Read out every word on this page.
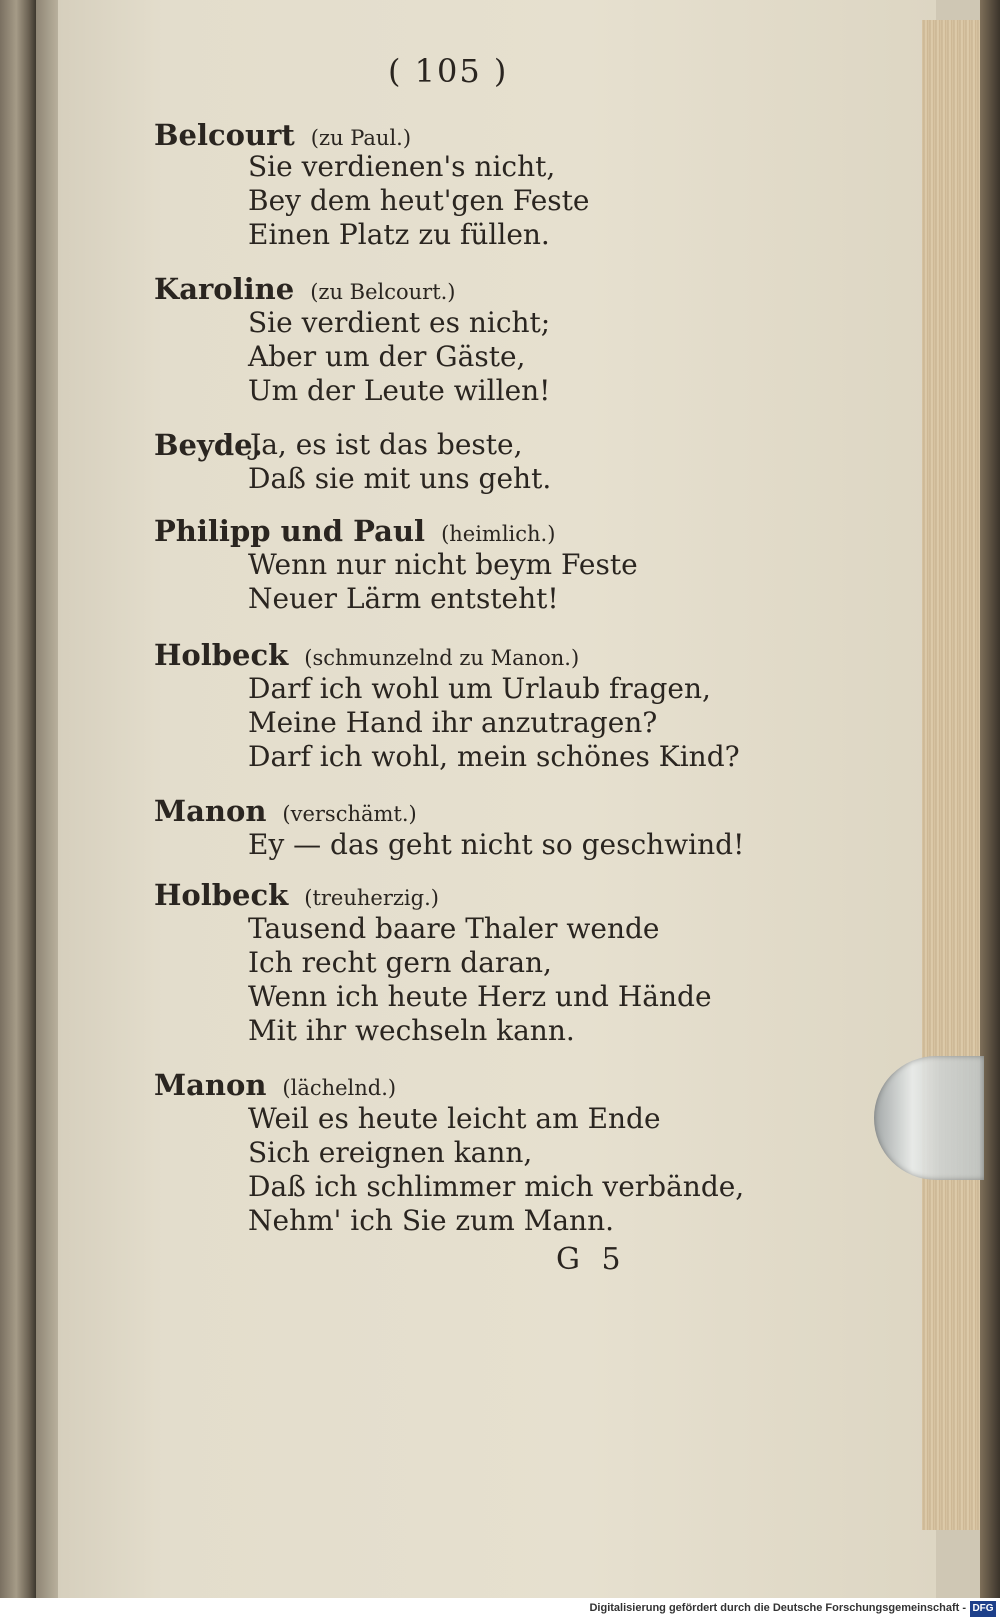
( 105 )
Belcourt (zu Paul.)
Sie verdienen's nicht,
Bey dem heut'gen Feste
Einen Platz zu füllen.
Karoline (zu Belcourt.)
Sie verdient es nicht;
Aber um der Gäste,
Um der Leute willen!
Beyde.
Ja, es ist das beste,
Daß sie mit uns geht.
Philipp und Paul (heimlich.)
Wenn nur nicht beym Feste
Neuer Lärm entsteht!
Holbeck (schmunzelnd zu Manon.)
Darf ich wohl um Urlaub fragen,
Meine Hand ihr anzutragen?
Darf ich wohl, mein schönes Kind?
Manon (verschämt.)
Ey — das geht nicht so geschwind!
Holbeck (treuherzig.)
Tausend baare Thaler wende
Ich recht gern daran,
Wenn ich heute Herz und Hände
Mit ihr wechseln kann.
Manon (lächelnd.)
Weil es heute leicht am Ende
Sich ereignen kann,
Daß ich schlimmer mich verbände,
Nehm' ich Sie zum Mann.
G 5
Digitalisierung gefördert durch die Deutsche Forschungsgemeinschaft - DFG
